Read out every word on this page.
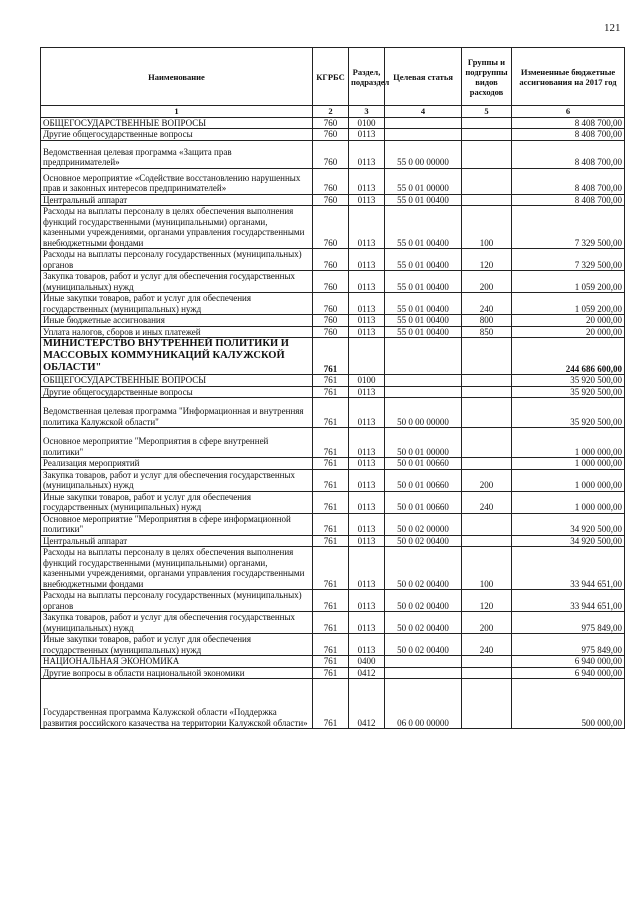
121
Наименование	КГРБС	Раздел, подраздел	Целевая статья	Группы и подгруппы видов расходов	Измененные бюджетные ассигнования на 2017 год
1	2	3	4	5	6
ОБЩЕГОСУДАРСТВЕННЫЕ ВОПРОСЫ	760	0100			8 408 700,00
Другие общегосударственные вопросы	760	0113			8 408 700,00
Ведомственная целевая программа «Защита прав предпринимателей»	760	0113	55 0 00 00000		8 408 700,00
Основное мероприятие «Содействие восстановлению нарушенных прав и законных интересов предпринимателей»	760	0113	55 0 01 00000		8 408 700,00
Центральный аппарат	760	0113	55 0 01 00400		8 408 700,00
Расходы на выплаты персоналу в целях обеспечения выполнения функций государственными (муниципальными) органами, казенными учреждениями, органами управления государственными внебюджетными фондами	760	0113	55 0 01 00400	100	7 329 500,00
Расходы на выплаты персоналу государственных (муниципальных) органов	760	0113	55 0 01 00400	120	7 329 500,00
Закупка товаров, работ и услуг для обеспечения государственных (муниципальных) нужд	760	0113	55 0 01 00400	200	1 059 200,00
Иные закупки товаров, работ и услуг для обеспечения государственных (муниципальных) нужд	760	0113	55 0 01 00400	240	1 059 200,00
Иные бюджетные ассигнования	760	0113	55 0 01 00400	800	20 000,00
Уплата налогов, сборов и иных платежей	760	0113	55 0 01 00400	850	20 000,00
МИНИСТЕРСТВО ВНУТРЕННЕЙ ПОЛИТИКИ И МАССОВЫХ КОММУНИКАЦИЙ КАЛУЖСКОЙ ОБЛАСТИ"	761				244 686 600,00
ОБЩЕГОСУДАРСТВЕННЫЕ ВОПРОСЫ	761	0100			35 920 500,00
Другие общегосударственные вопросы	761	0113			35 920 500,00
Ведомственная целевая программа "Информационная и внутренняя политика Калужской области"	761	0113	50 0 00 00000		35 920 500,00
Основное мероприятие "Мероприятия в сфере внутренней политики"	761	0113	50 0 01 00000		1 000 000,00
Реализация мероприятий	761	0113	50 0 01 00660		1 000 000,00
Закупка товаров, работ и услуг для обеспечения государственных (муниципальных) нужд	761	0113	50 0 01 00660	200	1 000 000,00
Иные закупки товаров, работ и услуг для обеспечения государственных (муниципальных) нужд	761	0113	50 0 01 00660	240	1 000 000,00
Основное мероприятие "Мероприятия в сфере информационной политики"	761	0113	50 0 02 00000		34 920 500,00
Центральный аппарат	761	0113	50 0 02 00400		34 920 500,00
Расходы на выплаты персоналу в целях обеспечения выполнения функций государственными (муниципальными) органами, казенными учреждениями, органами управления государственными внебюджетными фондами	761	0113	50 0 02 00400	100	33 944 651,00
Расходы на выплаты персоналу государственных (муниципальных) органов	761	0113	50 0 02 00400	120	33 944 651,00
Закупка товаров, работ и услуг для обеспечения государственных (муниципальных) нужд	761	0113	50 0 02 00400	200	975 849,00
Иные закупки товаров, работ и услуг для обеспечения государственных (муниципальных) нужд	761	0113	50 0 02 00400	240	975 849,00
НАЦИОНАЛЬНАЯ ЭКОНОМИКА	761	0400			6 940 000,00
Другие вопросы в области национальной экономики	761	0412			6 940 000,00
Государственная программа Калужской области «Поддержка развития российского казачества на территории Калужской области»	761	0412	06 0 00 00000		500 000,00
